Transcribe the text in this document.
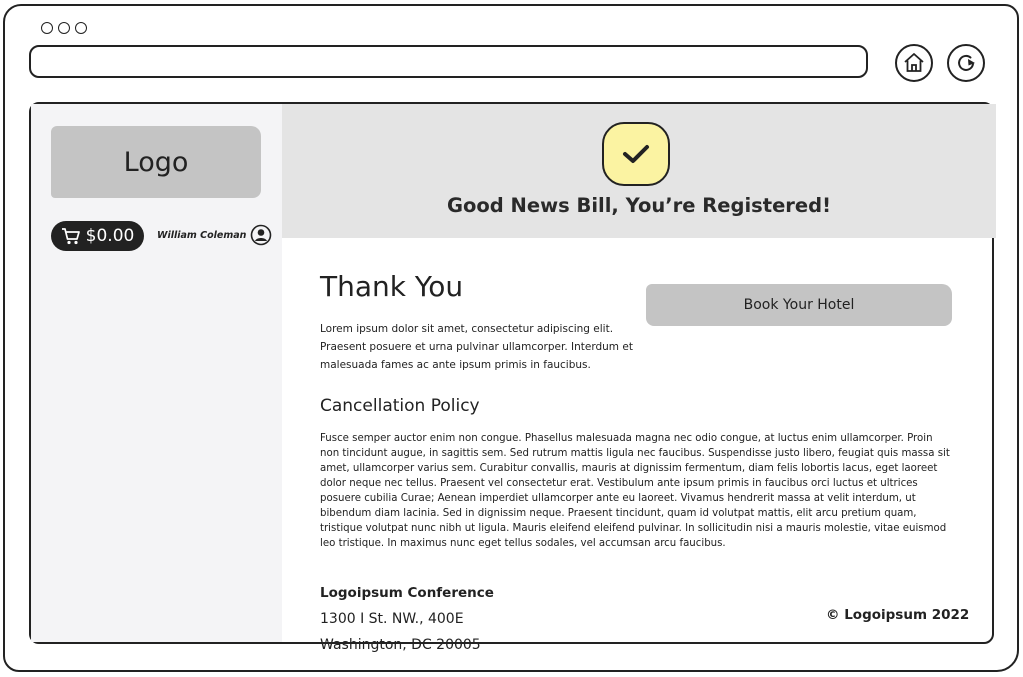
Logo
$0.00 William Coleman
Good News Bill, You’re Registered!
Thank You
Lorem ipsum dolor sit amet, consectetur adipiscing elit. Praesent posuere et urna pulvinar ullamcorper. Interdum et malesuada fames ac ante ipsum primis in faucibus.
Book Your Hotel
Cancellation Policy
Fusce semper auctor enim non congue. Phasellus malesuada magna nec odio congue, at luctus enim ullamcorper. Proin non tincidunt augue, in sagittis sem. Sed rutrum mattis ligula nec faucibus. Suspendisse justo libero, feugiat quis massa sit amet, ullamcorper varius sem. Curabitur convallis, mauris at dignissim fermentum, diam felis lobortis lacus, eget laoreet dolor neque nec tellus. Praesent vel consectetur erat. Vestibulum ante ipsum primis in faucibus orci luctus et ultrices posuere cubilia Curae; Aenean imperdiet ullamcorper ante eu laoreet. Vivamus hendrerit massa at velit interdum, ut bibendum diam lacinia. Sed in dignissim neque. Praesent tincidunt, quam id volutpat mattis, elit arcu pretium quam, tristique volutpat nunc nibh ut ligula. Mauris eleifend eleifend pulvinar. In sollicitudin nisi a mauris molestie, vitae euismod leo tristique. In maximus nunc eget tellus sodales, vel accumsan arcu faucibus.
Logoipsum Conference
1300 I St. NW., 400E
Washington, DC 20005
© Logoipsum 2022
